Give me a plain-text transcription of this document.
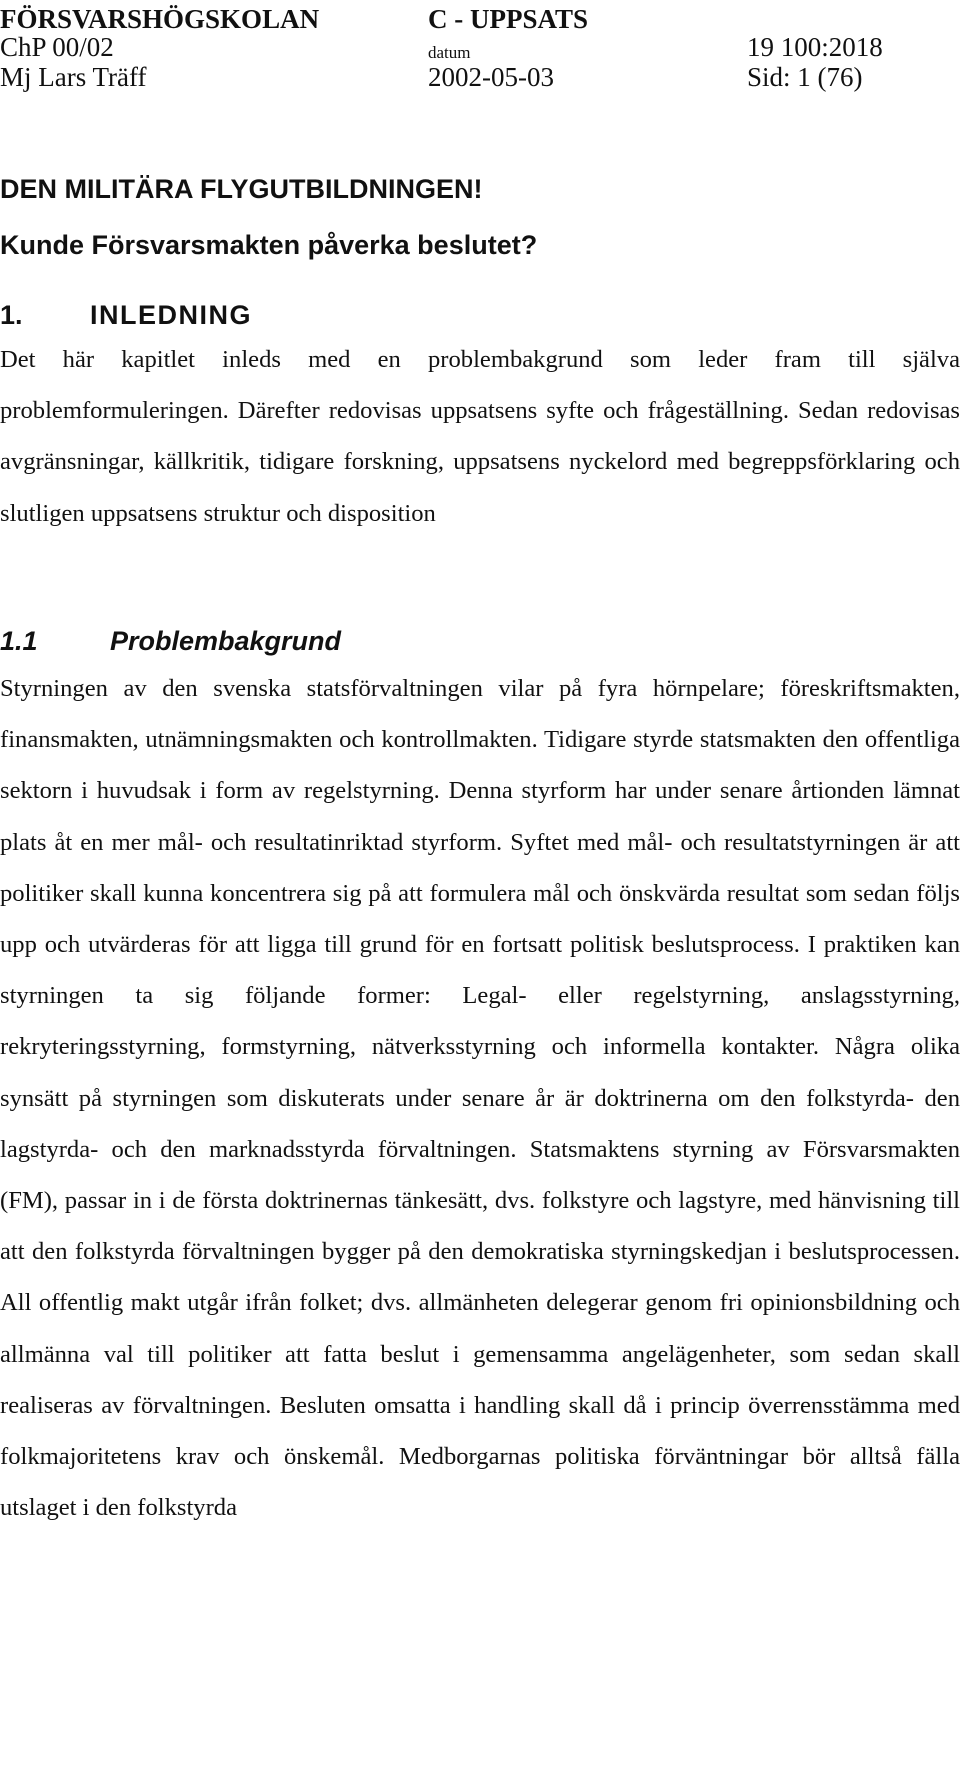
FÖRSVARSHÖGSKOLAN	C - UPPSATS
ChP 00/02	datum	19 100:2018
Mj Lars Träff	2002-05-03	Sid: 1 (76)
DEN MILITÄRA FLYGUTBILDNINGEN!
Kunde Försvarsmakten påverka beslutet?
1. INLEDNING

Det här kapitlet inleds med en problembakgrund som leder fram till själva problemformuleringen. Därefter redovisas uppsatsens syfte och frågeställning. Sedan redovisas avgränsningar, källkritik, tidigare forskning, uppsatsens nyckelord med begreppsförklaring och slutligen uppsatsens struktur och disposition

1.1	Problembakgrund

Styrningen av den svenska statsförvaltningen vilar på fyra hörnpelare; föreskriftsmakten, finansmakten, utnämningsmakten och kontrollmakten. Tidigare styrde statsmakten den offentliga sektorn i huvudsak i form av regelstyrning. Denna styrform har under senare årtionden lämnat plats åt en mer mål- och resultatinriktad styrform. Syftet med mål- och resultatstyrningen är att politiker skall kunna koncentrera sig på att formulera mål och önskvärda resultat som sedan följs upp och utvärderas för att ligga till grund för en fortsatt politisk beslutsprocess. I praktiken kan styrningen ta sig följande former: Legal- eller regelstyrning, anslagsstyrning, rekryteringsstyrning, formstyrning, nätverksstyrning och informella kontakter. Några olika synsätt på styrningen som diskuterats under senare år är doktrinerna om den folkstyrda- den lagstyrda- och den marknadsstyrda förvaltningen. Statsmaktens styrning av Försvarsmakten (FM), passar in i de första doktrinernas tänkesätt, dvs. folkstyre och lagstyre, med hänvisning till att den folkstyrda förvaltningen bygger på den demokratiska styrningskedjan i beslutsprocessen. All offentlig makt utgår ifrån folket; dvs. allmänheten delegerar genom fri opinionsbildning och allmänna val till politiker att fatta beslut i gemensamma angelägenheter, som sedan skall realiseras av förvaltningen. Besluten omsatta i handling skall då i princip överrensstämma med folkmajoritetens krav och önskemål. Medborgarnas politiska förväntningar bör alltså fälla utslaget i den folkstyrda
